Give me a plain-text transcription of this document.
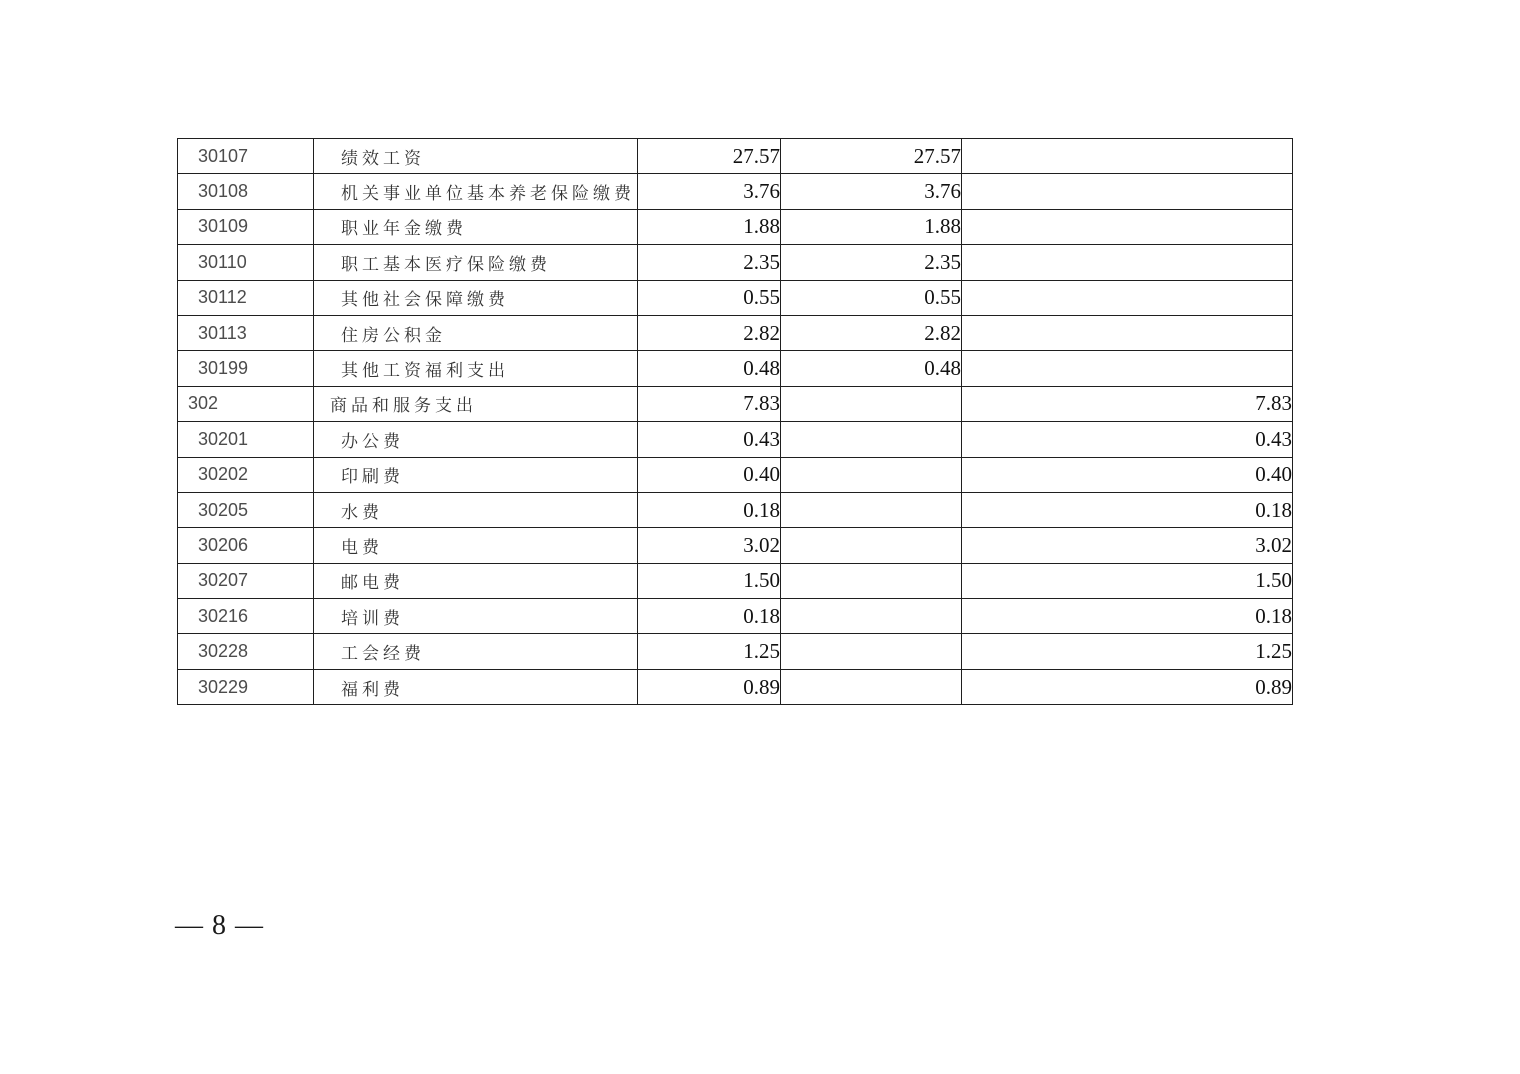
30107	绩效工资	27.57	27.57	
30108	机关事业单位基本养老保险缴费	3.76	3.76	
30109	职业年金缴费	1.88	1.88	
30110	职工基本医疗保险缴费	2.35	2.35	
30112	其他社会保障缴费	0.55	0.55	
30113	住房公积金	2.82	2.82	
30199	其他工资福利支出	0.48	0.48	
302	商品和服务支出	7.83		7.83
30201	办公费	0.43		0.43
30202	印刷费	0.40		0.40
30205	水费	0.18		0.18
30206	电费	3.02		3.02
30207	邮电费	1.50		1.50
30216	培训费	0.18		0.18
30228	工会经费	1.25		1.25
30229	福利费	0.89		0.89
— 8 —
